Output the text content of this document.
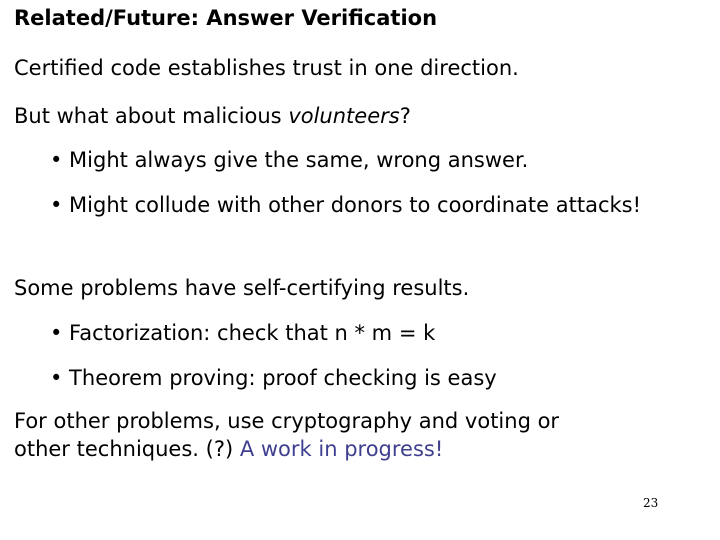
Related/Future: Answer Verification
Certified code establishes trust in one direction.
But what about malicious volunteers?
• Might always give the same, wrong answer.
• Might collude with other donors to coordinate attacks!
Some problems have self-certifying results.
• Factorization: check that n * m = k
• Theorem proving: proof checking is easy
For other problems, use cryptography and voting or
other techniques. (?) A work in progress!
23
